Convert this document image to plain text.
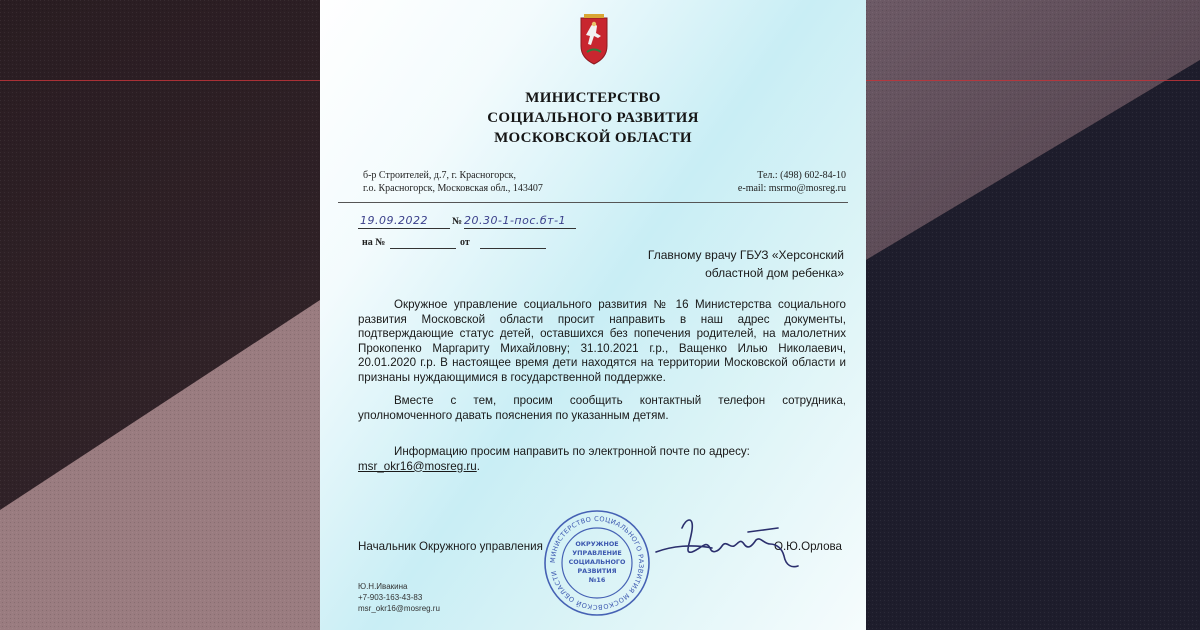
МИНИСТЕРСТВО
СОЦИАЛЬНОГО РАЗВИТИЯ
МОСКОВСКОЙ ОБЛАСТИ
б-р Строителей, д.7, г. Красногорск,
г.о. Красногорск, Московская обл., 143407
Тел.: (498) 602-84-10
e-mail: msrmo@mosreg.ru
19.09.2022 № 20.30-1-пос.бт-1
на №	от
Главному врачу ГБУЗ «Херсонский
областной дом ребенка»

Окружное управление социального развития № 16 Министерства социального развития Московской области просит направить в наш адрес документы, подтверждающие статус детей, оставшихся без попечения родителей, на малолетних Прокопенко Маргариту Михайловну; 31.10.2021 г.р., Ващенко Илью Николаевич, 20.01.2020 г.р. В настоящее время дети находятся на территории Московской области и признаны нуждающимися в государственной поддержке.

Вместе с тем, просим сообщить контактный телефон сотрудника, уполномоченного давать пояснения по указанным детям.

Информацию просим направить по электронной почте по адресу:

msr_okr16@mosreg.ru.

Начальник Окружного управления	О.Ю.Орлова
МИНИСТЕРСТВО СОЦИАЛЬНОГО РАЗВИТИЯ МОСКОВСКОЙ ОБЛАСТИ
ОКРУЖНОЕ
УПРАВЛЕНИЕ
СОЦИАЛЬНОГО
РАЗВИТИЯ
№16
Ю.Н.Ивакина
+7-903-163-43-83
msr_okr16@mosreg.ru
